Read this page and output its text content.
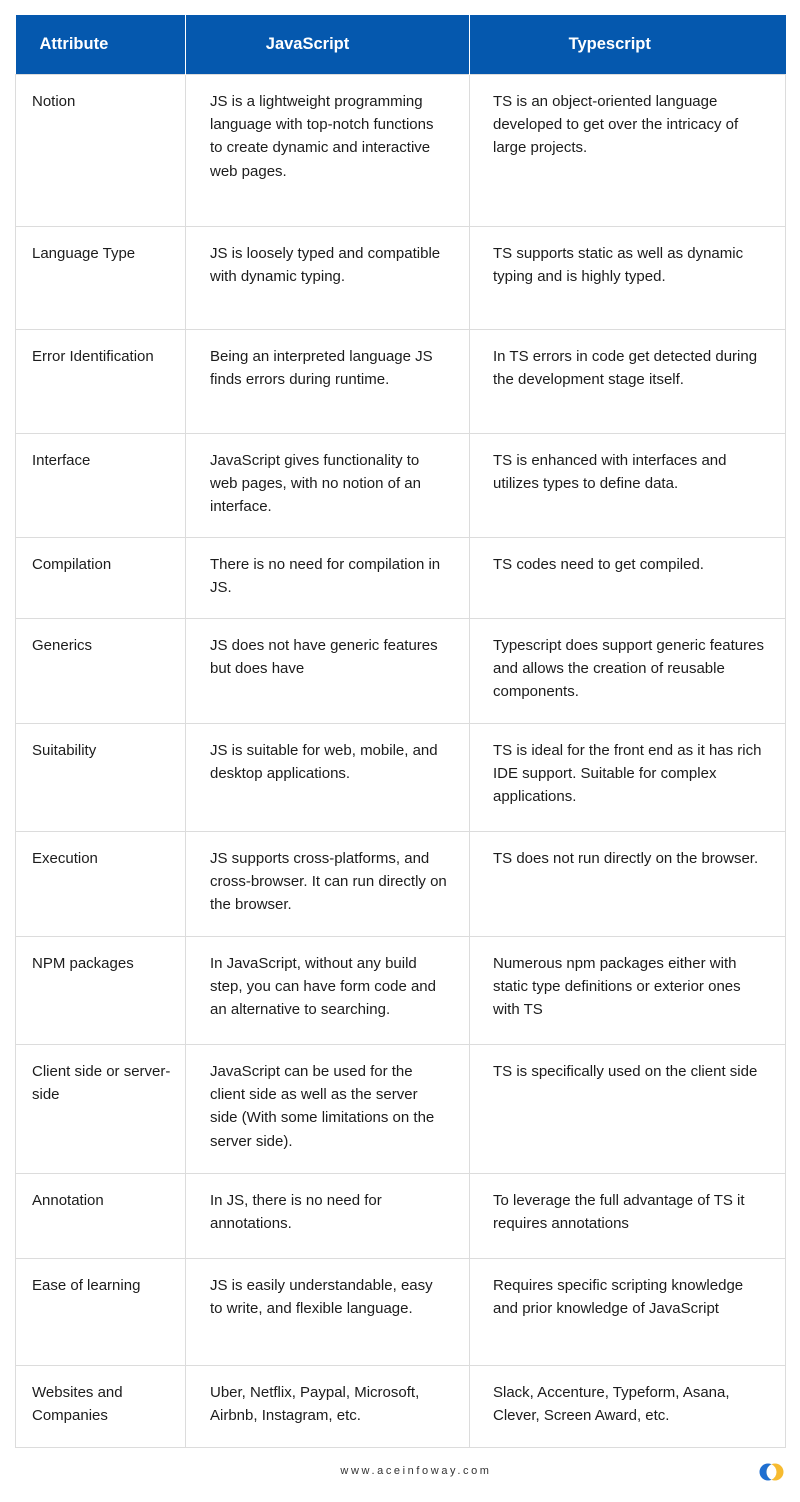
Attribute	JavaScript	Typescript
Notion	JS is a lightweight programming language with top-notch functions to create dynamic and interactive web pages.	TS is an object-oriented language developed to get over the intricacy of large projects.
Language Type	JS is loosely typed and compatible with dynamic typing.	TS supports static as well as dynamic typing and is highly typed.
Error Identification	Being an interpreted language JS finds errors during runtime.	In TS errors in code get detected during the development stage itself.
Interface	JavaScript gives functionality to web pages, with no notion of an interface.	TS is enhanced with interfaces and utilizes types to define data.
Compilation	There is no need for compilation in JS.	TS codes need to get compiled.
Generics	JS does not have generic features but does have	Typescript does support generic features and allows the creation of reusable components.
Suitability	JS is suitable for web, mobile, and desktop applications.	TS is ideal for the front end as it has rich IDE support. Suitable for complex applications.
Execution	JS supports cross-platforms, and cross-browser. It can run directly on the browser.	TS does not run directly on the browser.
NPM packages	In JavaScript, without any build step, you can have form code and an alternative to searching.	Numerous npm packages either with static type definitions or exterior ones with TS
Client side or server-side	JavaScript can be used for the client side as well as the server side (With some limitations on the server side).	TS is specifically used on the client side
Annotation	In JS, there is no need for annotations.	To leverage the full advantage of TS it requires annotations
Ease of learning	JS is easily understandable, easy to write, and flexible language.	Requires specific scripting knowledge and prior knowledge of JavaScript
Websites and Companies	Uber, Netflix, Paypal, Microsoft, Airbnb, Instagram, etc.	Slack, Accenture, Typeform, Asana, Clever, Screen Award, etc.
www.aceinfoway.com
